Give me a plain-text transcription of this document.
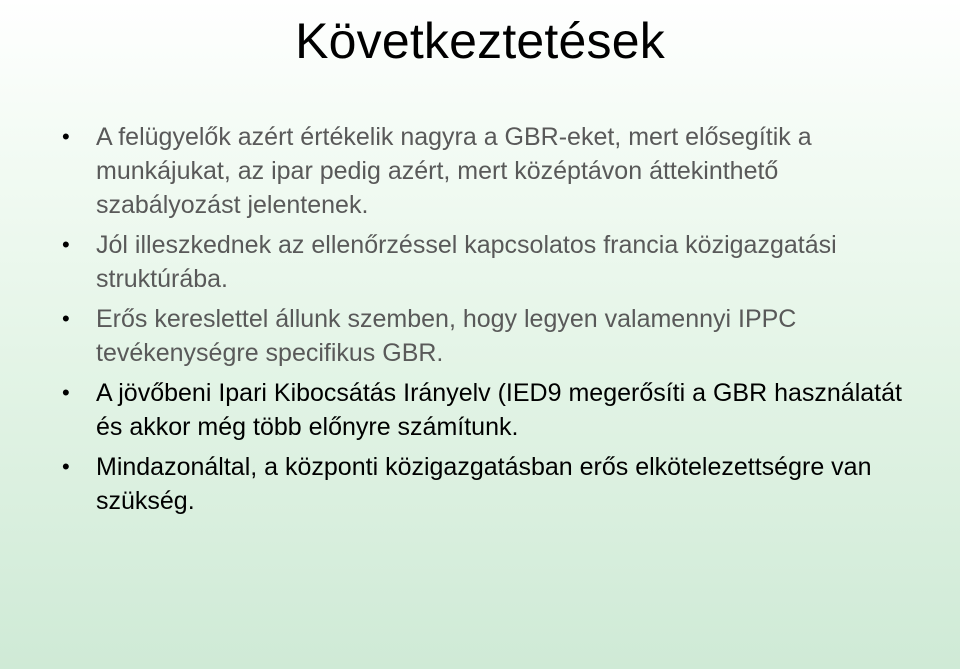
Következtetések
• A felügyelők azért értékelik nagyra a GBR-eket, mert elősegítik a munkájukat, az ipar pedig azért, mert középtávon áttekinthető szabályozást jelentenek.
• Jól illeszkednek az ellenőrzéssel kapcsolatos francia közigazgatási struktúrába.
• Erős kereslettel állunk szemben, hogy legyen valamennyi IPPC tevékenységre specifikus GBR.
• A jövőbeni Ipari Kibocsátás Irányelv (IED9 megerősíti a GBR használatát és akkor még több előnyre számítunk.
• Mindazonáltal, a központi közigazgatásban erős elkötelezettségre van szükség.
